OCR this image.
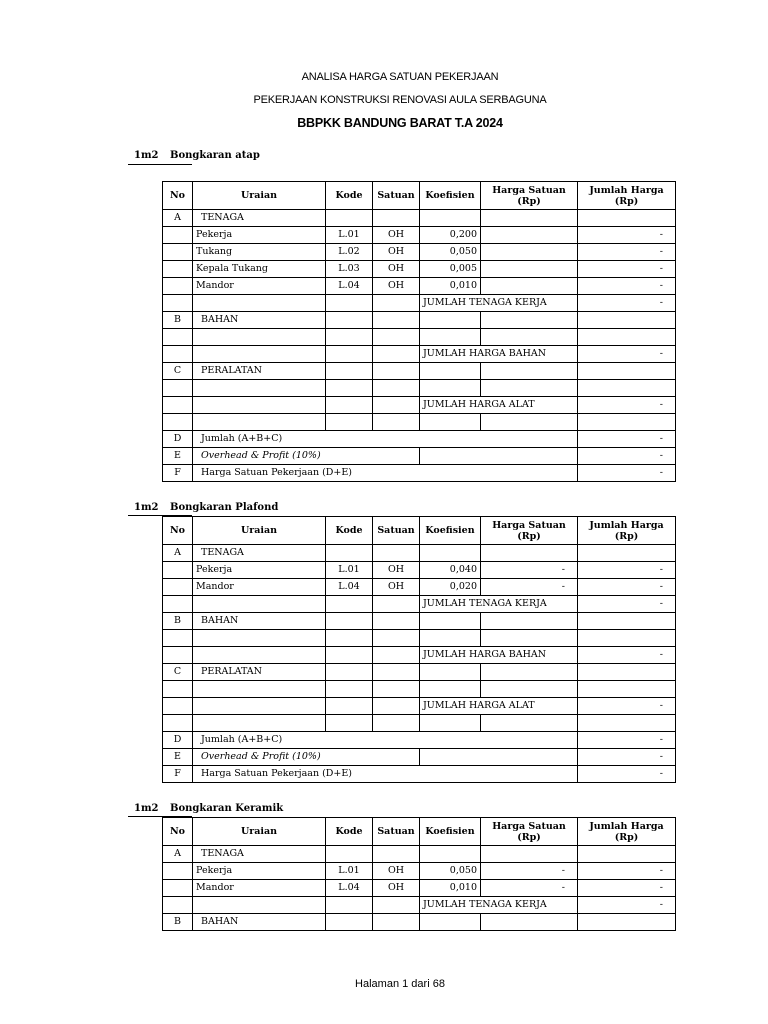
ANALISA HARGA SATUAN PEKERJAAN
PEKERJAAN KONSTRUKSI RENOVASI AULA SERBAGUNA
BBPKK BANDUNG BARAT T.A 2024
1m2 Bongkaran atap
No	Uraian	Kode	Satuan	Koefisien	Harga Satuan (Rp)	Jumlah Harga (Rp)
A	TENAGA					
	Pekerja	L.01	OH	0,200		-
	Tukang	L.02	OH	0,050		-
	Kepala Tukang	L.03	OH	0,005		-
	Mandor	L.04	OH	0,010		-
				JUMLAH TENAGA KERJA		-
B	BAHAN					

				JUMLAH HARGA BAHAN		-
C	PERALATAN					

				JUMLAH HARGA ALAT		-

D	Jumlah (A+B+C)					-
E	Overhead & Profit (10%)					-
F	Harga Satuan Pekerjaan (D+E)					-
1m2 Bongkaran Plafond
No	Uraian	Kode	Satuan	Koefisien	Harga Satuan (Rp)	Jumlah Harga (Rp)
A	TENAGA					
	Pekerja	L.01	OH	0,040	-	-
	Mandor	L.04	OH	0,020	-	-
				JUMLAH TENAGA KERJA		-
B	BAHAN					

				JUMLAH HARGA BAHAN		-
C	PERALATAN					

				JUMLAH HARGA ALAT		-

D	Jumlah (A+B+C)					-
E	Overhead & Profit (10%)					-
F	Harga Satuan Pekerjaan (D+E)					-
1m2 Bongkaran Keramik
No	Uraian	Kode	Satuan	Koefisien	Harga Satuan (Rp)	Jumlah Harga (Rp)
A	TENAGA					
	Pekerja	L.01	OH	0,050	-	-
	Mandor	L.04	OH	0,010	-	-
				JUMLAH TENAGA KERJA		-
B	BAHAN					
Halaman 1 dari 68
